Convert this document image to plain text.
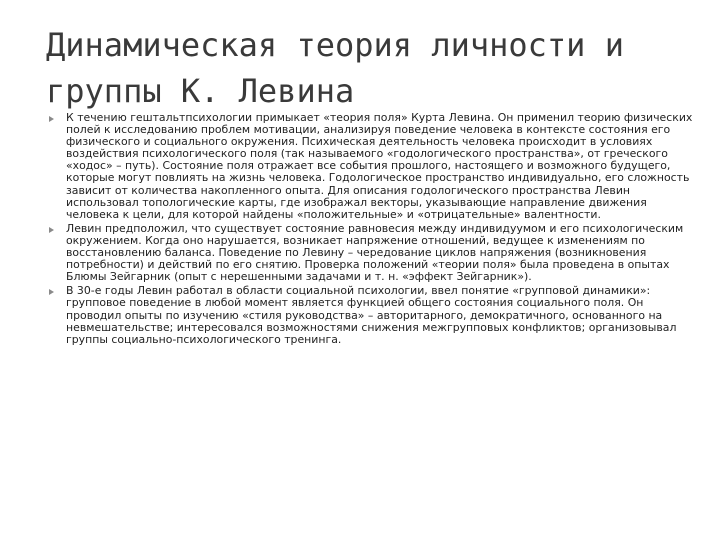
Динамическая теория личности и группы К. Левина
К течению гештальтпсихологии примыкает «теория поля» Курта Левина. Он применил теорию физических полей к исследованию проблем мотивации, анализируя поведение человека в контексте состояния его физического и социального окружения. Психическая деятельность человека происходит в условиях воздействия психологического поля (так называемого «годологического пространства», от греческого «ходос» – путь). Состояние поля отражает все события прошлого, настоящего и возможного будущего, которые могут повлиять на жизнь человека. Годологическое пространство индивидуально, его сложность зависит от количества накопленного опыта. Для описания годологического пространства Левин использовал топологические карты, где изображал векторы, указывающие направление движения человека к цели, для которой найдены «положительные» и «отрицательные» валентности.
Левин предположил, что существует состояние равновесия между индивидуумом и его психологическим окружением. Когда оно нарушается, возникает напряжение отношений, ведущее к изменениям по восстановлению баланса. Поведение по Левину – чередование циклов напряжения (возникновения потребности) и действий по его снятию. Проверка положений «теории поля» была проведена в опытах Блюмы Зейгарник (опыт с нерешенными задачами и т. н. «эффект Зейгарник»).
В 30-е годы Левин работал в области социальной психологии, ввел понятие «групповой динамики»: групповое поведение в любой момент является функцией общего состояния социального поля. Он проводил опыты по изучению «стиля руководства» – авторитарного, демократичного, основанного на невмешательстве; интересовался возможностями снижения межгрупповых конфликтов; организовывал группы социально-психологического тренинга.
